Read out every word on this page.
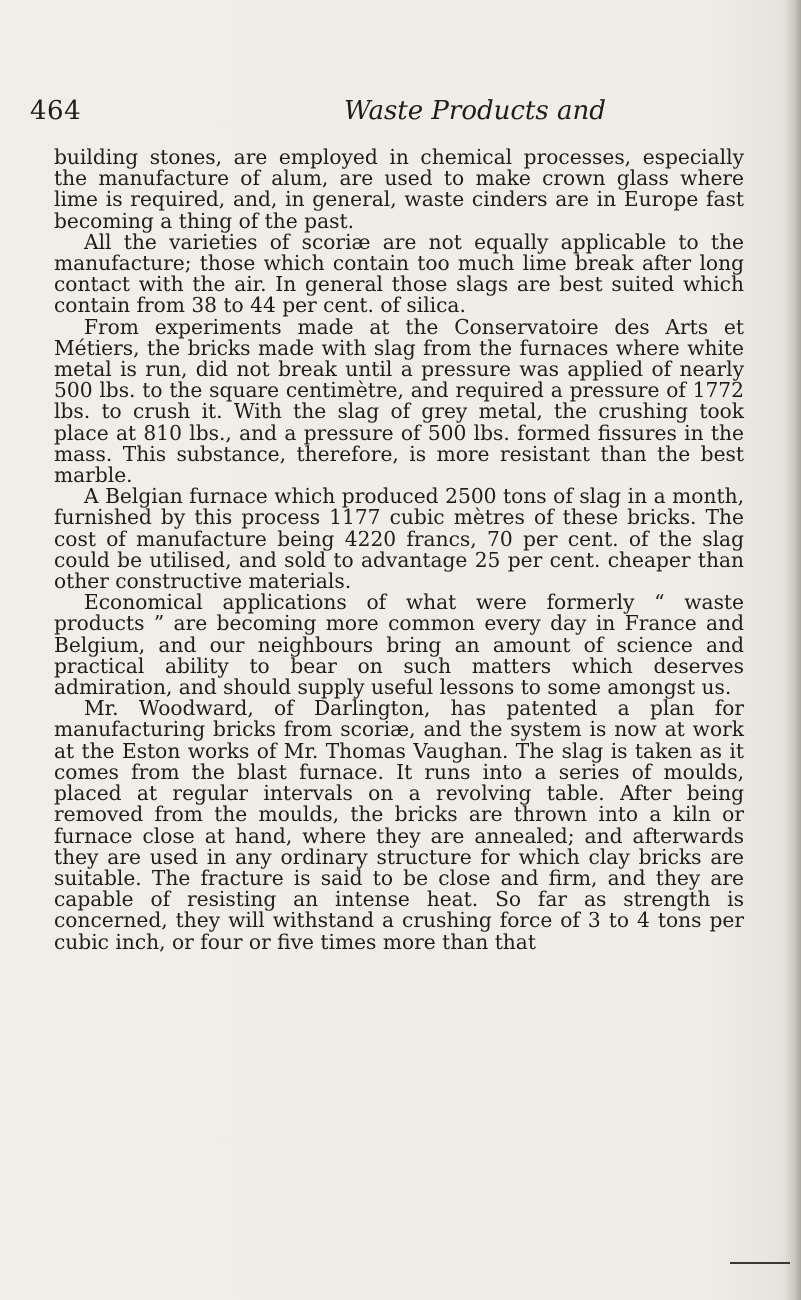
464	Waste Products and

building stones, are employed in chemical processes, especially the manufacture of alum, are used to make crown glass where lime is required, and, in general, waste cinders are in Europe fast becoming a thing of the past.

All the varieties of scoriæ are not equally applicable to the manufacture; those which contain too much lime break after long contact with the air. In general those slags are best suited which contain from 38 to 44 per cent. of silica.

From experiments made at the Conservatoire des Arts et Métiers, the bricks made with slag from the furnaces where white metal is run, did not break until a pressure was applied of nearly 500 lbs. to the square centimètre, and required a pressure of 1772 lbs. to crush it. With the slag of grey metal, the crushing took place at 810 lbs., and a pressure of 500 lbs. formed fissures in the mass. This substance, therefore, is more resistant than the best marble.

A Belgian furnace which produced 2500 tons of slag in a month, furnished by this process 1177 cubic mètres of these bricks. The cost of manufacture being 4220 francs, 70 per cent. of the slag could be utilised, and sold to advantage 25 per cent. cheaper than other constructive materials.

Economical applications of what were formerly “ waste products ” are becoming more common every day in France and Belgium, and our neighbours bring an amount of science and practical ability to bear on such matters which deserves admiration, and should supply useful lessons to some amongst us.

Mr. Woodward, of Darlington, has patented a plan for manufacturing bricks from scoriæ, and the system is now at work at the Eston works of Mr. Thomas Vaughan. The slag is taken as it comes from the blast furnace. It runs into a series of moulds, placed at regular intervals on a revolving table. After being removed from the moulds, the bricks are thrown into a kiln or furnace close at hand, where they are annealed; and afterwards they are used in any ordinary structure for which clay bricks are suitable. The fracture is said to be close and firm, and they are capable of resisting an intense heat. So far as strength is concerned, they will withstand a crushing force of 3 to 4 tons per cubic inch, or four or five times more than that
